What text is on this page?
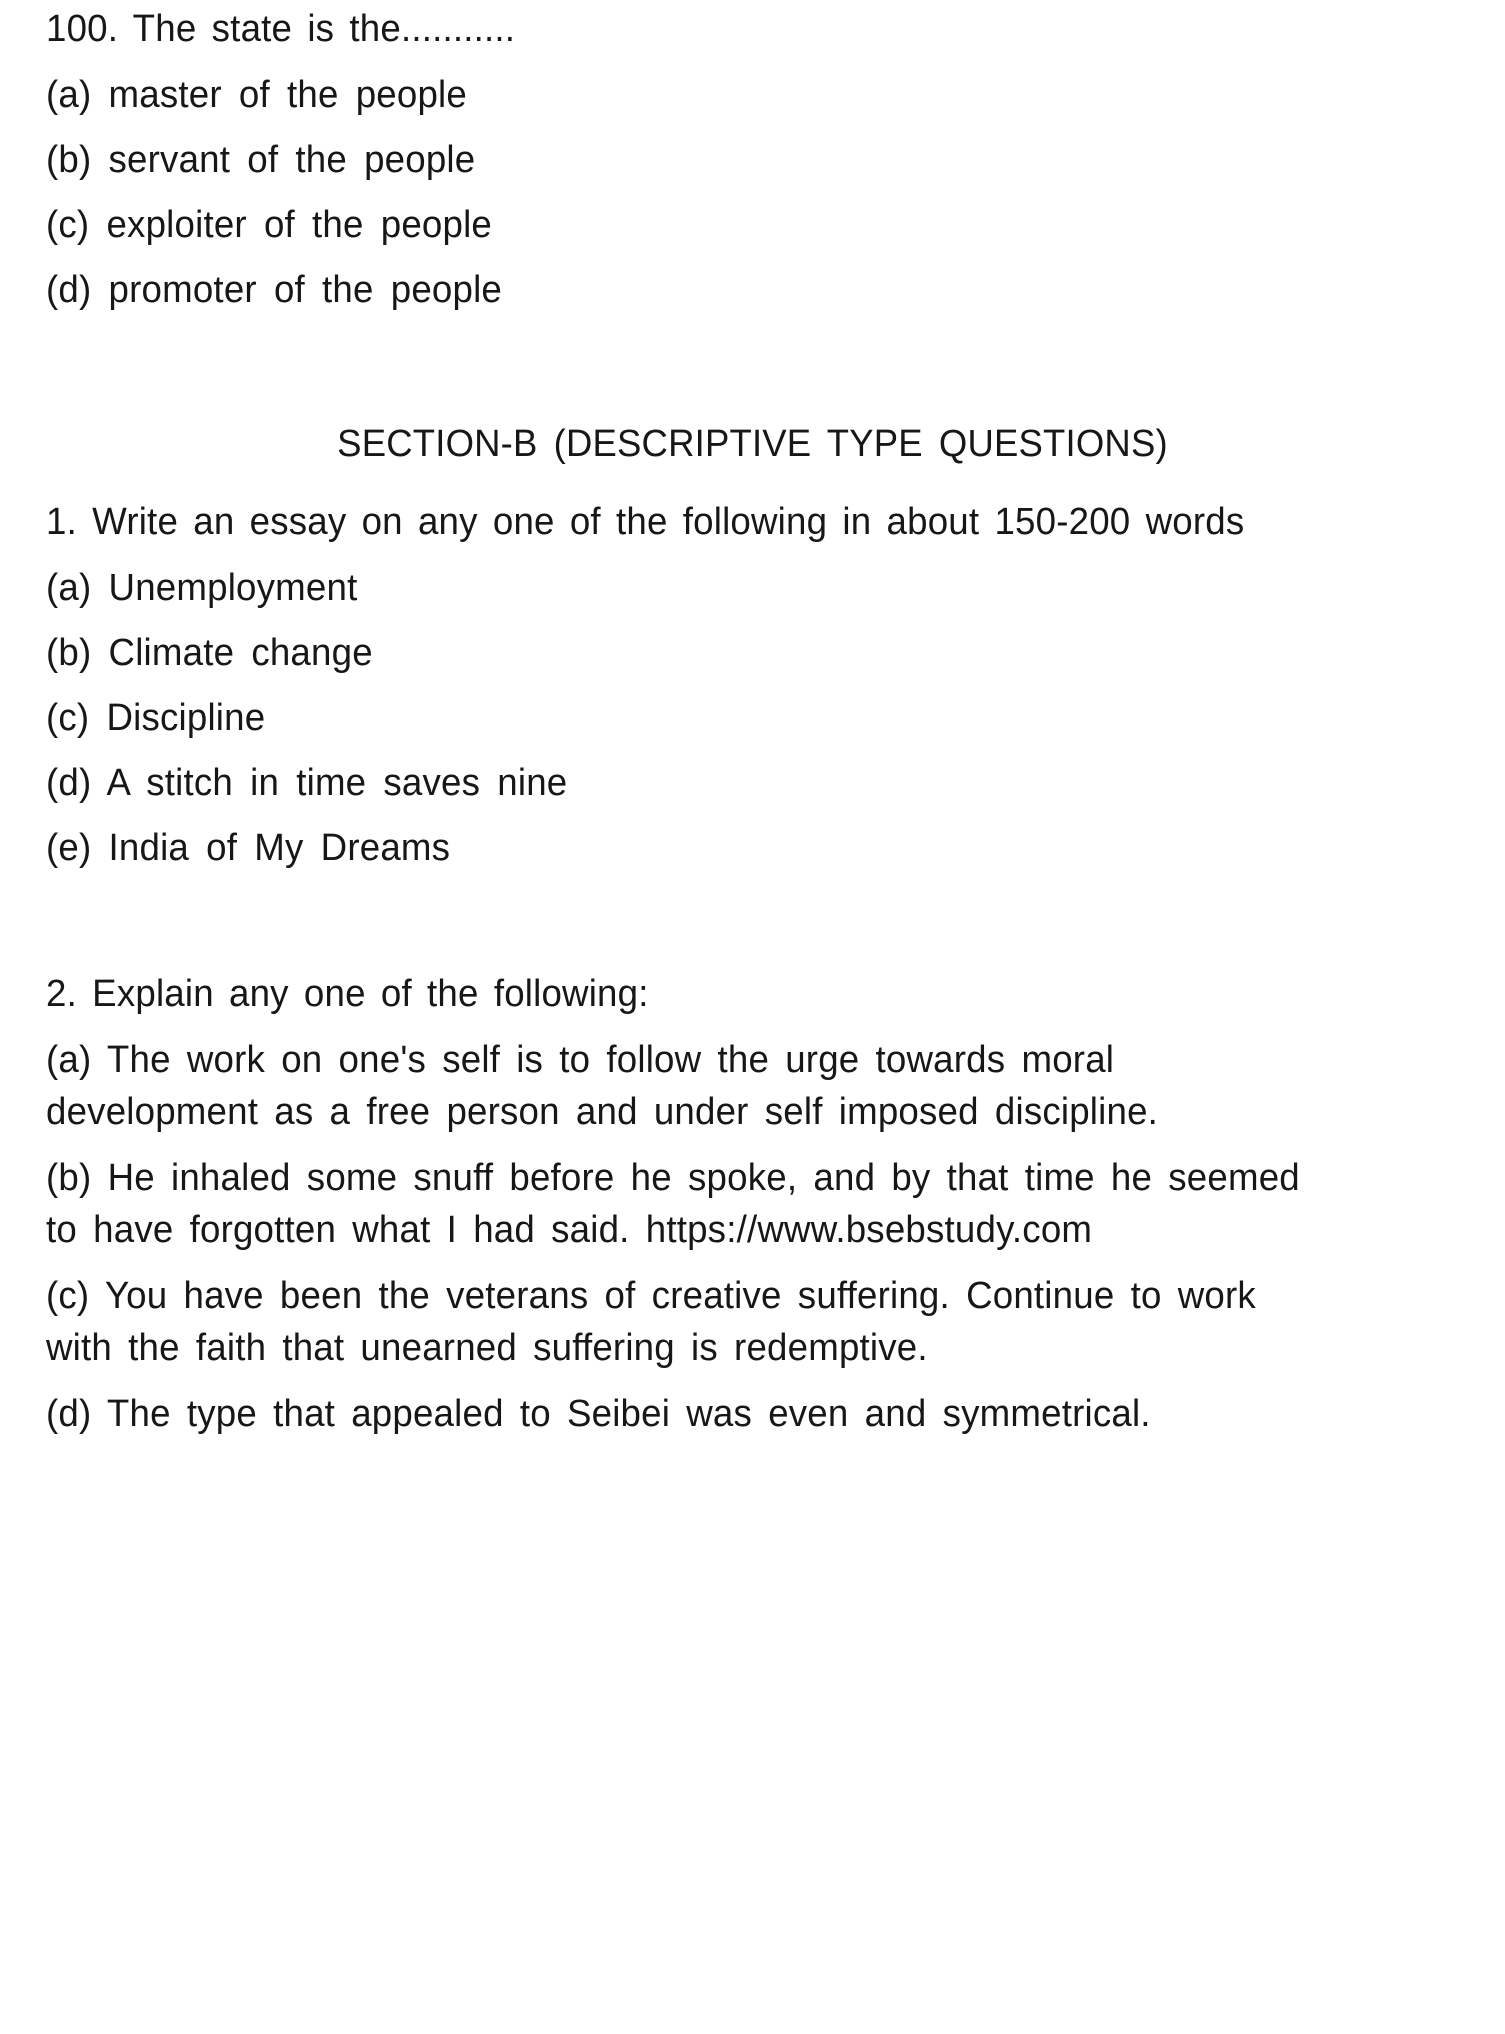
100. The state is the...........
(a) master of the people
(b) servant of the people
(c) exploiter of the people
(d) promoter of the people
SECTION-B (DESCRIPTIVE TYPE QUESTIONS)
1. Write an essay on any one of the following in about 150-200 words
(a) Unemployment
(b) Climate change
(c) Discipline
(d) A stitch in time saves nine
(e) India of My Dreams
2. Explain any one of the following:
(a) The work on one's self is to follow the urge towards moral
development as a free person and under self imposed discipline.
(b) He inhaled some snuff before he spoke, and by that time he seemed
to have forgotten what I had said. https://www.bsebstudy.com
(c) You have been the veterans of creative suffering. Continue to work
with the faith that unearned suffering is redemptive.
(d) The type that appealed to Seibei was even and symmetrical.
